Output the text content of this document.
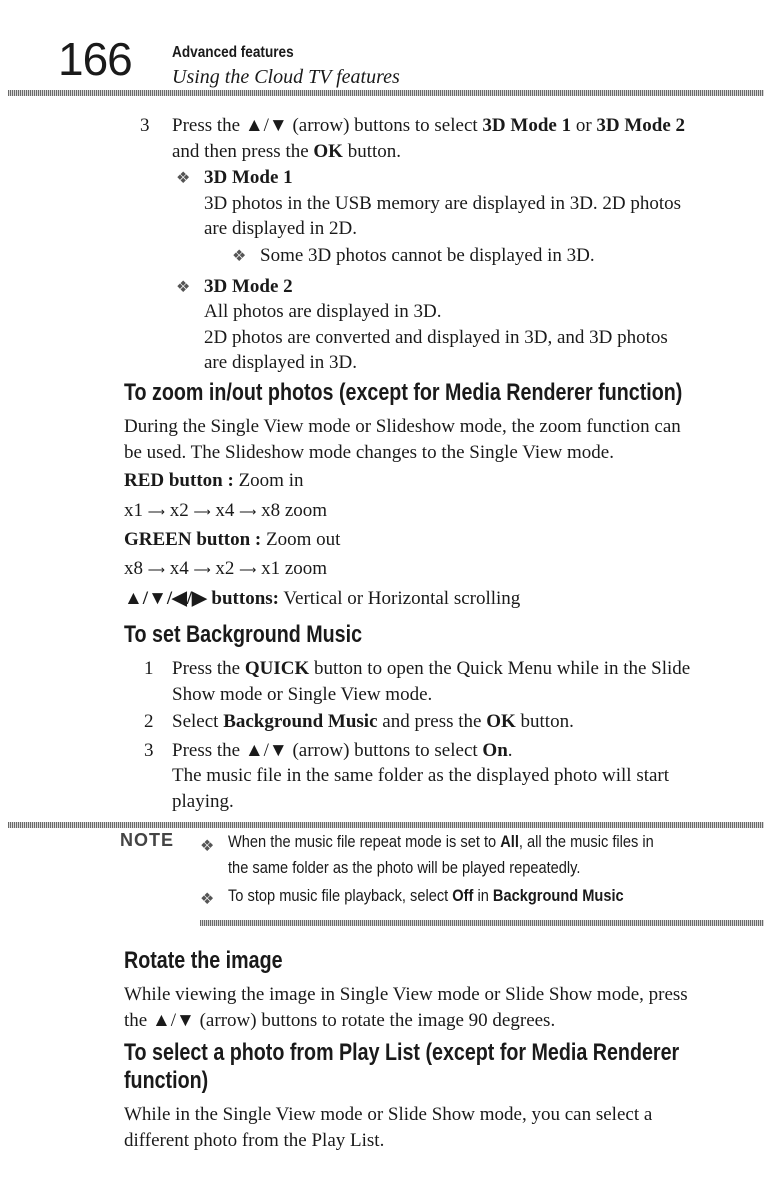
166	Advanced features
Using the Cloud TV features
3 Press the ▲/▼ (arrow) buttons to select 3D Mode 1 or 3D Mode 2
and then press the OK button.
❖ 3D Mode 1
3D photos in the USB memory are displayed in 3D. 2D photos
are displayed in 2D.
❖ Some 3D photos cannot be displayed in 3D.
❖ 3D Mode 2
All photos are displayed in 3D.
2D photos are converted and displayed in 3D, and 3D photos
are displayed in 3D.
To zoom in/out photos (except for Media Renderer function)
During the Single View mode or Slideshow mode, the zoom function can
be used. The Slideshow mode changes to the Single View mode.
RED button : Zoom in
x1 ⟶ x2 ⟶ x4 ⟶ x8 zoom
GREEN button : Zoom out
x8 ⟶ x4 ⟶ x2 ⟶ x1 zoom
▲/▼/◀/▶ buttons: Vertical or Horizontal scrolling
To set Background Music
1 Press the QUICK button to open the Quick Menu while in the Slide
Show mode or Single View mode.
2 Select Background Music and press the OK button.
3 Press the ▲/▼ (arrow) buttons to select On.
The music file in the same folder as the displayed photo will start
playing.
NOTE ❖ When the music file repeat mode is set to All, all the music files in
the same folder as the photo will be played repeatedly.
❖ To stop music file playback, select Off in Background Music
Rotate the image
While viewing the image in Single View mode or Slide Show mode, press
the ▲/▼ (arrow) buttons to rotate the image 90 degrees.
To select a photo from Play List (except for Media Renderer
function)
While in the Single View mode or Slide Show mode, you can select a
different photo from the Play List.
